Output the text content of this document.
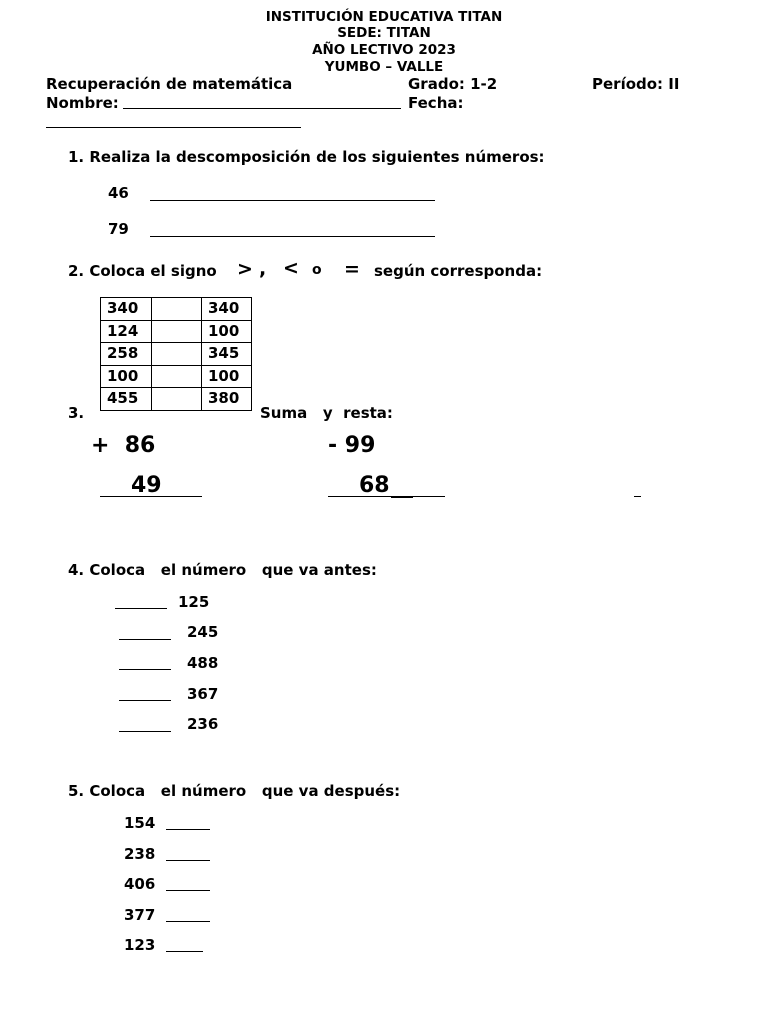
INSTITUCIÓN EDUCATIVA TITAN
SEDE: TITAN
AÑO LECTIVO 2023
YUMBO – VALLE
Recuperación de matemática	Grado: 1-2	Período: II
Nombre:	Fecha:
1. Realiza la descomposición de los siguientes números:
46
79
2. Coloca el signo > , < o = según corresponda:
340		340
124		100
258		345
100		100
455		380
3.	Suma   y  resta:
+  86
49
- 99
68
4. Coloca   el número   que va antes:
125
245
488
367
236
5. Coloca   el número   que va después:
154
238
406
377
123
